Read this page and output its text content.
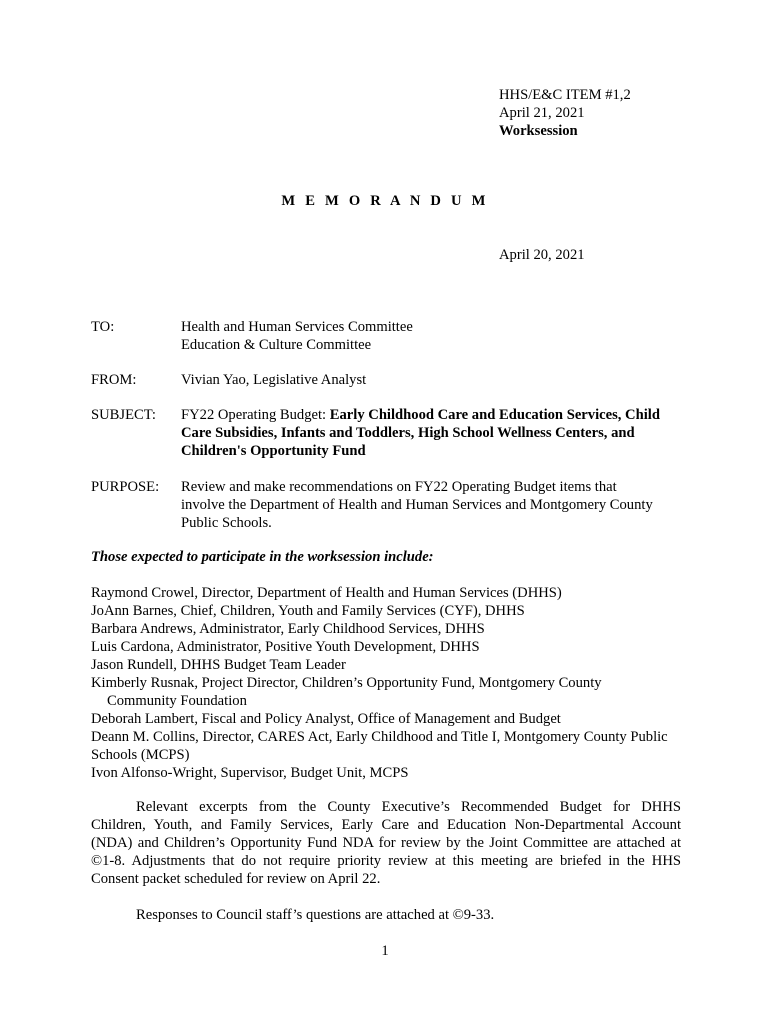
HHS/E&C ITEM #1,2
April 21, 2021
Worksession
M E M O R A N D U M
April 20, 2021
TO:	Health and Human Services Committee
Education & Culture Committee
FROM:	Vivian Yao, Legislative Analyst
SUBJECT:	FY22 Operating Budget: Early Childhood Care and Education Services, Child
Care Subsidies, Infants and Toddlers, High School Wellness Centers, and
Children's Opportunity Fund
PURPOSE:	Review and make recommendations on FY22 Operating Budget items that
involve the Department of Health and Human Services and Montgomery County
Public Schools.
Those expected to participate in the worksession include:
Raymond Crowel, Director, Department of Health and Human Services (DHHS)
JoAnn Barnes, Chief, Children, Youth and Family Services (CYF), DHHS
Barbara Andrews, Administrator, Early Childhood Services, DHHS
Luis Cardona, Administrator, Positive Youth Development, DHHS
Jason Rundell, DHHS Budget Team Leader
Kimberly Rusnak, Project Director, Children’s Opportunity Fund, Montgomery County
Community Foundation
Deborah Lambert, Fiscal and Policy Analyst, Office of Management and Budget
Deann M. Collins, Director, CARES Act, Early Childhood and Title I, Montgomery County Public
Schools (MCPS)
Ivon Alfonso-Wright, Supervisor, Budget Unit, MCPS
Relevant excerpts from the County Executive’s Recommended Budget for DHHS
Children, Youth, and Family Services, Early Care and Education Non-Departmental Account
(NDA) and Children’s Opportunity Fund NDA for review by the Joint Committee are attached at
©1-8. Adjustments that do not require priority review at this meeting are briefed in the HHS
Consent packet scheduled for review on April 22.
Responses to Council staff’s questions are attached at ©9-33.
1
